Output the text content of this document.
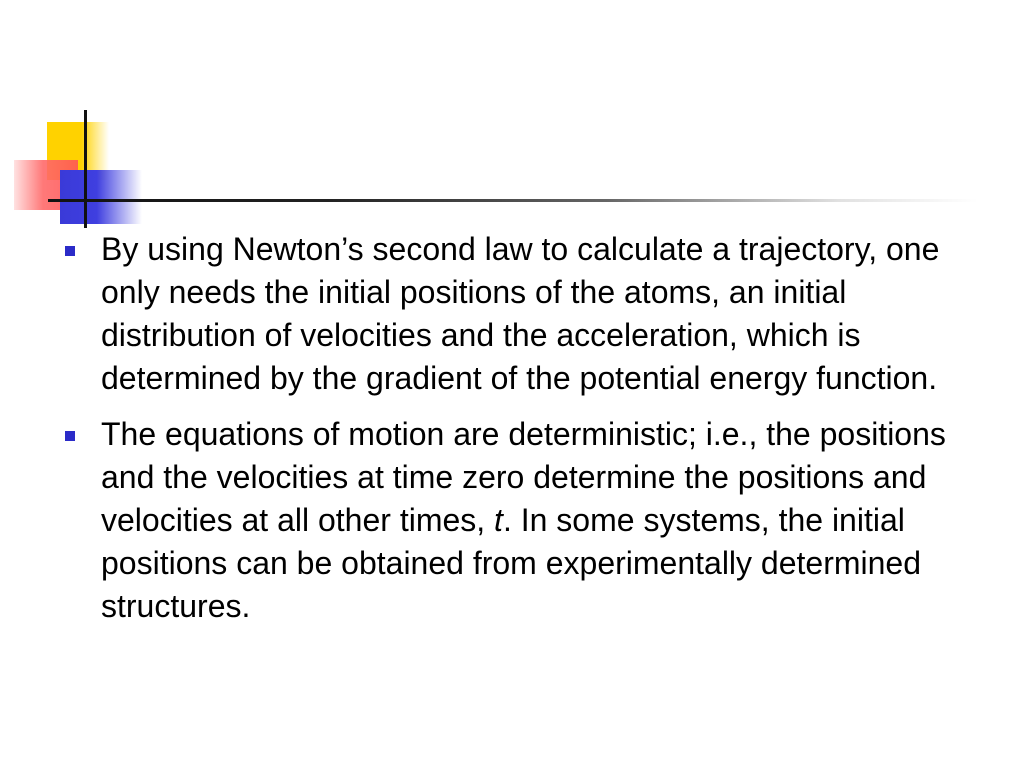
By using Newton’s second law to calculate a trajectory, one only needs the initial positions of the atoms, an initial distribution of velocities and the acceleration, which is determined by the gradient of the potential energy function.
The equations of motion are deterministic; i.e., the positions and the velocities at time zero determine the positions and velocities at all other times, t. In some systems, the initial positions can be obtained from experimentally determined structures.
